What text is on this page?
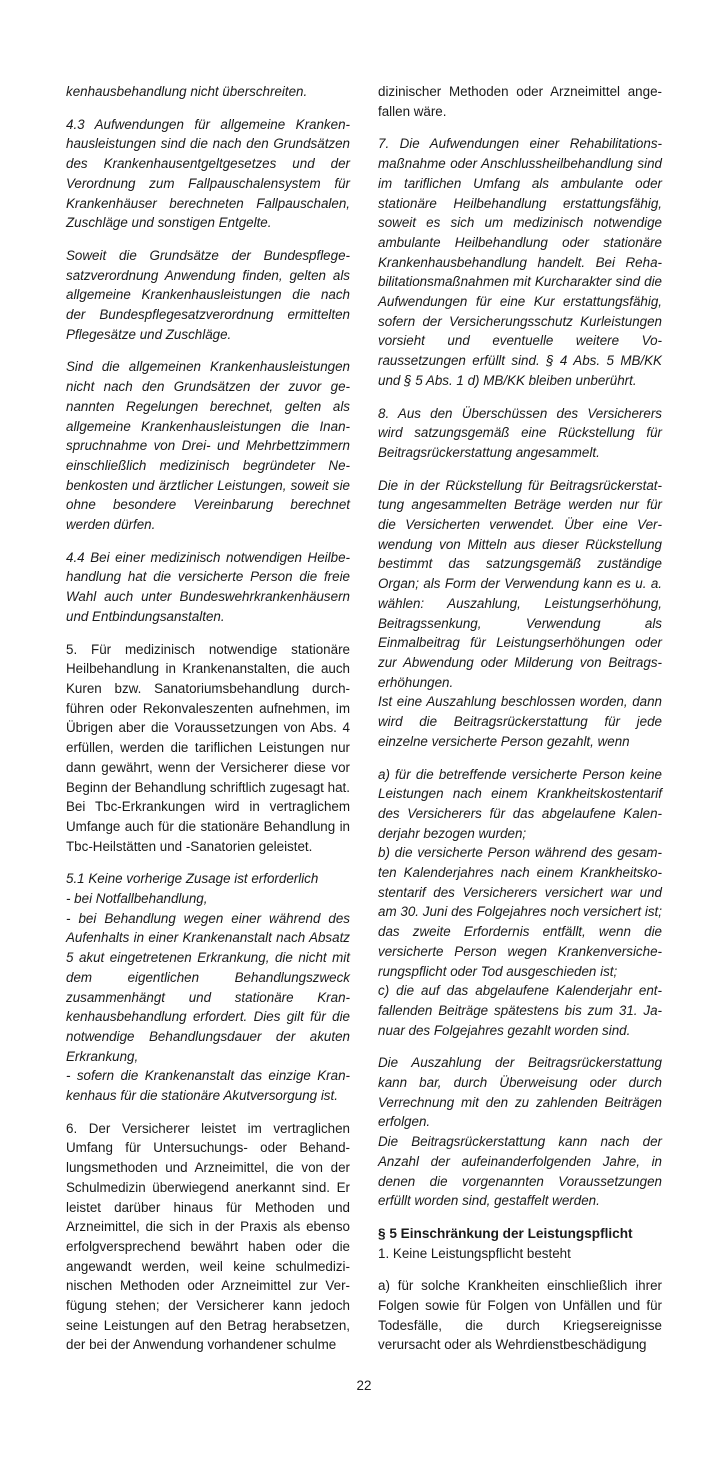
kenhausbehandlung nicht überschreiten.

4.3 Aufwendungen für allgemeine Krankenhausleistungen sind die nach den Grundsätzen des Krankenhausentgeltgesetzes und der Verordnung zum Fallpauschalensystem für Krankenhäuser berechneten Fallpauschalen, Zuschläge und sonstigen Entgelte.

Soweit die Grundsätze der Bundespflegesatzverordnung Anwendung finden, gelten als allgemeine Krankenhausleistungen die nach der Bundespflegesatzverordnung ermittelten Pflegesätze und Zuschläge.

Sind die allgemeinen Krankenhausleistungen nicht nach den Grundsätzen der zuvor genannten Regelungen berechnet, gelten als allgemeine Krankenhausleistungen die Inanspruchnahme von Drei- und Mehrbettzimmern einschließlich medizinisch begründeter Nebenkosten und ärztlicher Leistungen, soweit sie ohne besondere Vereinbarung berechnet werden dürfen.

4.4 Bei einer medizinisch notwendigen Heilbehandlung hat die versicherte Person die freie Wahl auch unter Bundeswehrkrankenhäusern und Entbindungsanstalten.

5. Für medizinisch notwendige stationäre Heilbehandlung in Krankenanstalten, die auch Kuren bzw. Sanatoriumsbehandlung durchführen oder Rekonvaleszenten aufnehmen, im Übrigen aber die Voraussetzungen von Abs. 4 erfüllen, werden die tariflichen Leistungen nur dann gewährt, wenn der Versicherer diese vor Beginn der Behandlung schriftlich zugesagt hat. Bei Tbc-Erkrankungen wird in vertraglichem Umfange auch für die stationäre Behandlung in Tbc-Heilstätten und -Sanatorien geleistet.

5.1 Keine vorherige Zusage ist erforderlich

- bei Notfallbehandlung,

- bei Behandlung wegen einer während des Aufenhalts in einer Krankenanstalt nach Absatz 5 akut eingetretenen Erkrankung, die nicht mit dem eigentlichen Behandlungszweck zusammenhängt und stationäre Krankenhausbehandlung erfordert. Dies gilt für die notwendige Behandlungsdauer der akuten Erkrankung,

- sofern die Krankenanstalt das einzige Krankenhaus für die stationäre Akutversorgung ist.

6. Der Versicherer leistet im vertraglichen Umfang für Untersuchungs- oder Behandlungsmethoden und Arzneimittel, die von der Schulmedizin überwiegend anerkannt sind. Er leistet darüber hinaus für Methoden und Arzneimittel, die sich in der Praxis als ebenso erfolgversprechend bewährt haben oder die angewandt werden, weil keine schulmedizinischen Methoden oder Arzneimittel zur Verfügung stehen; der Versicherer kann jedoch seine Leistungen auf den Betrag herabsetzen, der bei der Anwendung vorhandener schulme

dizinischer Methoden oder Arzneimittel angefallen wäre.

7. Die Aufwendungen einer Rehabilitationsmaßnahme oder Anschlussheilbehandlung sind im tariflichen Umfang als ambulante oder stationäre Heilbehandlung erstattungsfähig, soweit es sich um medizinisch notwendige ambulante Heilbehandlung oder stationäre Krankenhausbehandlung handelt. Bei Rehabilitationsmaßnahmen mit Kurcharakter sind die Aufwendungen für eine Kur erstattungsfähig, sofern der Versicherungsschutz Kurleistungen vorsieht und eventuelle weitere Voraussetzungen erfüllt sind. § 4 Abs. 5 MB/KK und § 5 Abs. 1 d) MB/KK bleiben unberührt.

8. Aus den Überschüssen des Versicherers wird satzungsgemäß eine Rückstellung für Beitragsrückerstattung angesammelt.

Die in der Rückstellung für Beitragsrückerstattung angesammelten Beträge werden nur für die Versicherten verwendet. Über eine Verwendung von Mitteln aus dieser Rückstellung bestimmt das satzungsgemäß zuständige Organ; als Form der Verwendung kann es u. a. wählen: Auszahlung, Leistungserhöhung, Beitragssenkung, Verwendung als Einmalbeitrag für Leistungserhöhungen oder zur Abwendung oder Milderung von Beitragserhöhungen.

Ist eine Auszahlung beschlossen worden, dann wird die Beitragsrückerstattung für jede einzelne versicherte Person gezahlt, wenn

a) für die betreffende versicherte Person keine Leistungen nach einem Krankheitskostentarif des Versicherers für das abgelaufene Kalenderjahr bezogen wurden;

b) die versicherte Person während des gesamten Kalenderjahres nach einem Krankheitskostentarif des Versicherers versichert war und am 30. Juni des Folgejahres noch versichert ist; das zweite Erfordernis entfällt, wenn die versicherte Person wegen Krankenversicherungspflicht oder Tod ausgeschieden ist;

c) die auf das abgelaufene Kalenderjahr entfallenden Beiträge spätestens bis zum 31. Januar des Folgejahres gezahlt worden sind.

Die Auszahlung der Beitragsrückerstattung kann bar, durch Überweisung oder durch Verrechnung mit den zu zahlenden Beiträgen erfolgen.

Die Beitragsrückerstattung kann nach der Anzahl der aufeinanderfolgenden Jahre, in denen die vorgenannten Voraussetzungen erfüllt worden sind, gestaffelt werden.

§ 5 Einschränkung der Leistungspflicht
1. Keine Leistungspflicht besteht

a) für solche Krankheiten einschließlich ihrer Folgen sowie für Folgen von Unfällen und für Todesfälle, die durch Kriegsereignisse verursacht oder als Wehrdienstbeschädigung

22
